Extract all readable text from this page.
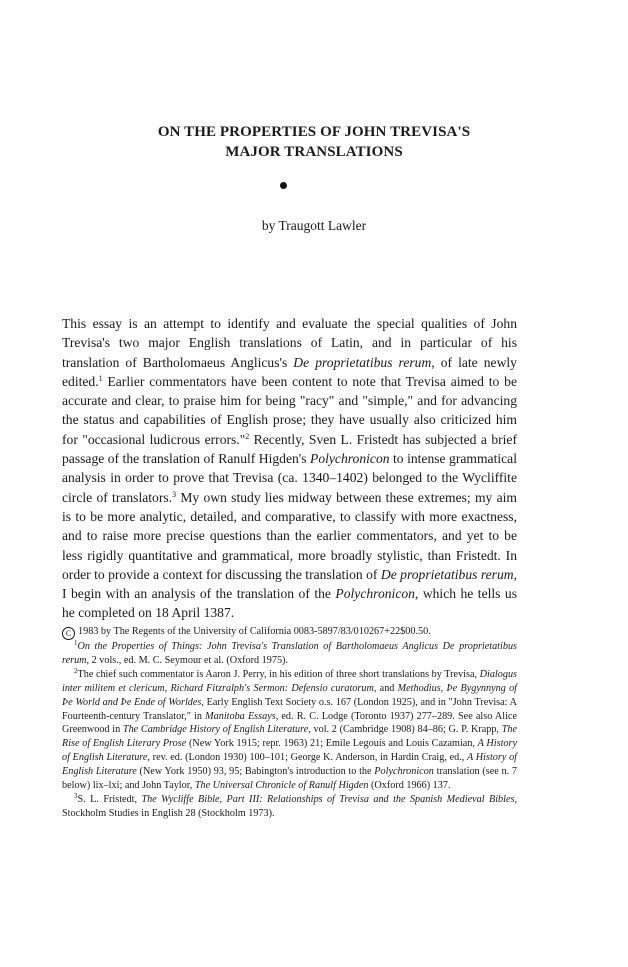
ON THE PROPERTIES OF JOHN TREVISA'S
MAJOR TRANSLATIONS
by Traugott Lawler

This essay is an attempt to identify and evaluate the special qualities of John Trevisa's two major English translations of Latin, and in particular of his translation of Bartholomaeus Anglicus's De proprietatibus rerum, of late newly edited.$^1$ Earlier commentators have been content to note that Trevisa aimed to be accurate and clear, to praise him for being "racy" and "simple," and for advancing the status and capabilities of English prose; they have usually also criticized him for "occasional ludicrous errors."$^2$ Recently, Sven L. Fristedt has subjected a brief passage of the translation of Ranulf Higden's Polychronicon to intense grammatical analysis in order to prove that Trevisa (ca. 1340–1402) belonged to the Wycliffite circle of translators.$^3$ My own study lies midway between these extremes; my aim is to be more analytic, detailed, and comparative, to classify with more exactness, and to raise more precise questions than the earlier commentators, and yet to be less rigidly quantitative and grammatical, more broadly stylistic, than Fristedt. In order to provide a context for discussing the translation of De proprietatibus rerum, I begin with an analysis of the translation of the Polychronicon, which he tells us he completed on 18 April 1387.

C 1983 by The Regents of the University of California 0083-5897/83/010267+22$00.50.

$^1$On the Properties of Things: John Trevisa's Translation of Bartholomaeus Anglicus De proprietatibus rerum, 2 vols., ed. M. C. Seymour et al. (Oxford 1975).

$^2$The chief such commentator is Aaron J. Perry, in his edition of three short translations by Trevisa, Dialogus inter militem et clericum, Richard Fitzralph's Sermon: Defensio curatorum, and Methodius, Þe Bygynnyng of Þe World and Þe Ende of Worldes, Early English Text Society o.s. 167 (London 1925), and in "John Trevisa: A Fourteenth-century Translator," in Manitoba Essays, ed. R. C. Lodge (Toronto 1937) 277–289. See also Alice Greenwood in The Cambridge History of English Literature, vol. 2 (Cambridge 1908) 84–86; G. P. Krapp, The Rise of English Literary Prose (New York 1915; repr. 1963) 21; Emile Legouis and Louis Cazamian, A History of English Literature, rev. ed. (London 1930) 100–101; George K. Anderson, in Hardin Craig, ed., A History of English Literature (New York 1950) 93, 95; Babington's introduction to the Polychronicon translation (see n. 7 below) lix–lxi; and John Taylor, The Universal Chronicle of Ranulf Higden (Oxford 1966) 137.

$^3$S. L. Fristedt, The Wycliffe Bible, Part III: Relationships of Trevisa and the Spanish Medieval Bibles, Stockholm Studies in English 28 (Stockholm 1973).
